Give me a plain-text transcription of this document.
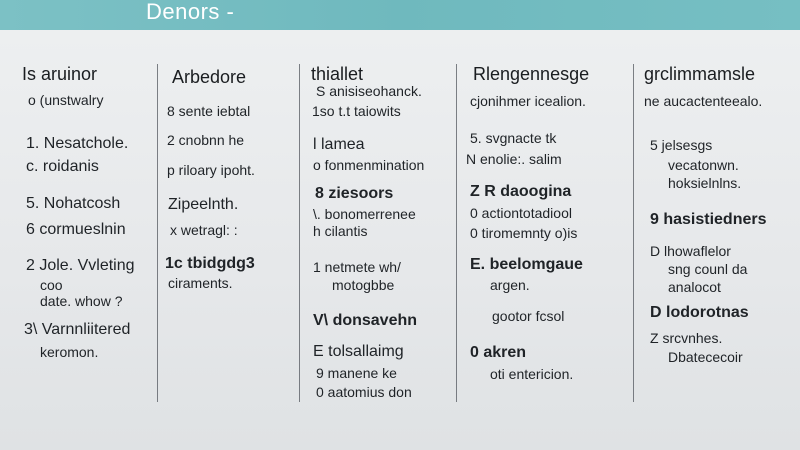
Denors -
Is aruinor
o (unstwalry
1. Nesatchole.
c. roidanis
5. Nohatcosh
6 cormueslnin
2 Jole. Vvleting
coo
date. whow ?
3\ Varnnliitered
keromon.
Arbedore
8 sente iebtal
2 cnobnn he
p riloary ipoht.
Zipeelnth.
x wetragl: :
1c tbidgdg3
ciraments.
thiallet
S anisiseohanck.
1so t.t taiowits
l lamea
o fonmenmination
8 ziesoors
\. bonomerrenee
h cilantis
1 netmete wh/
motogbbe
V\ donsavehn
E tolsallaimg
9 manene ke
0 aatomius don
Rlengennesge
cjonihmer icealion.
5. svgnacte tk
N enolie:. salim
Z R daoogina
0 actiontotadiool
0 tiromemnty o)is
E. beelomgaue
argen.
gootor fcsol
0 akren
oti entericion.
grclimmamsle
ne aucactenteealo.
5 jelsesgs
vecatonwn.
hoksielnlns.
9 hasistiedners
D lhowaflelor
sng counl da
analocot
D lodorotnas
Z srcvnhes.
Dbatececoir
